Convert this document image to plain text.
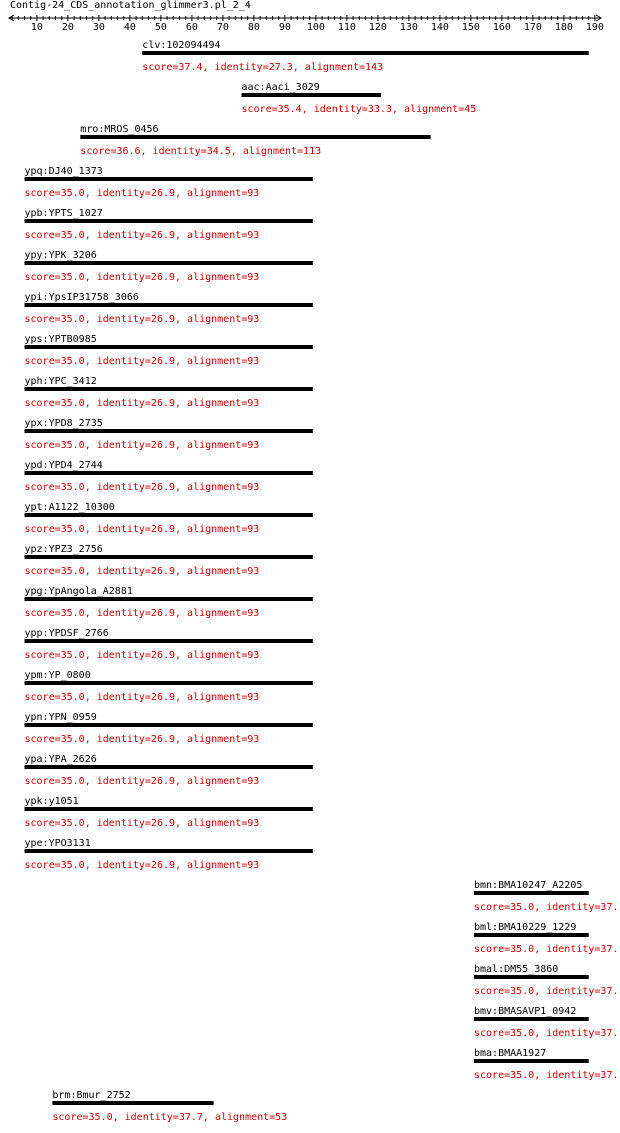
Contig-24_CDS_annotation_glimmer3.pl_2_4
10 20 30 40 50 60 70 80 90 100 110 120 130 140 150 160 170 180 190
clv:102094494
score=37.4, identity=27.3, alignment=143
aac:Aaci_3029
score=35.4, identity=33.3, alignment=45
mro:MROS_0456
score=36.6, identity=34.5, alignment=113
ypq:DJ40_1373
score=35.0, identity=26.9, alignment=93
ypb:YPTS_1027
score=35.0, identity=26.9, alignment=93
ypy:YPK_3206
score=35.0, identity=26.9, alignment=93
ypi:YpsIP31758_3066
score=35.0, identity=26.9, alignment=93
yps:YPTB0985
score=35.0, identity=26.9, alignment=93
yph:YPC_3412
score=35.0, identity=26.9, alignment=93
ypx:YPD8_2735
score=35.0, identity=26.9, alignment=93
ypd:YPD4_2744
score=35.0, identity=26.9, alignment=93
ypt:A1122_10300
score=35.0, identity=26.9, alignment=93
ypz:YPZ3_2756
score=35.0, identity=26.9, alignment=93
ypg:YpAngola_A2881
score=35.0, identity=26.9, alignment=93
ypp:YPDSF_2766
score=35.0, identity=26.9, alignment=93
ypm:YP_0800
score=35.0, identity=26.9, alignment=93
ypn:YPN_0959
score=35.0, identity=26.9, alignment=93
ypa:YPA_2626
score=35.0, identity=26.9, alignment=93
ypk:y1051
score=35.0, identity=26.9, alignment=93
ype:YPO3131
score=35.0, identity=26.9, alignment=93
bmn:BMA10247_A2205
score=35.0, identity=37.
bml:BMA10229_1229
score=35.0, identity=37.
bmal:DM55_3860
score=35.0, identity=37.
bmv:BMASAVP1_0942
score=35.0, identity=37.
bma:BMAA1927
score=35.0, identity=37.
brm:Bmur_2752
score=35.0, identity=37.7, alignment=53
